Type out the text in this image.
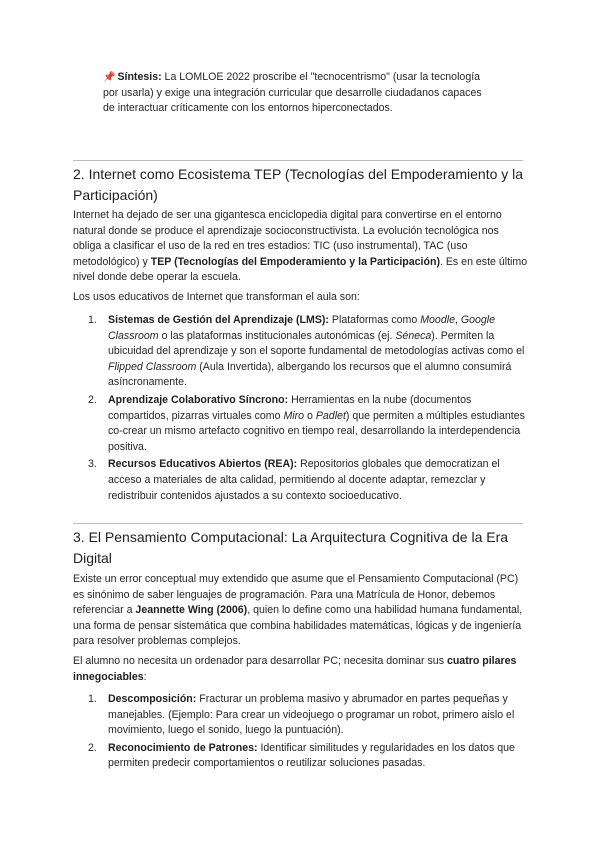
📌 Síntesis: La LOMLOE 2022 proscribe el "tecnocentrismo" (usar la tecnología por usarla) y exige una integración curricular que desarrolle ciudadanos capaces de interactuar críticamente con los entornos hiperconectados.

2. Internet como Ecosistema TEP (Tecnologías del Empoderamiento y la Participación)

Internet ha dejado de ser una gigantesca enciclopedia digital para convertirse en el entorno natural donde se produce el aprendizaje socioconstructivista. La evolución tecnológica nos obliga a clasificar el uso de la red en tres estadios: TIC (uso instrumental), TAC (uso metodológico) y TEP (Tecnologías del Empoderamiento y la Participación). Es en este último nivel donde debe operar la escuela.

Los usos educativos de Internet que transforman el aula son:

1. Sistemas de Gestión del Aprendizaje (LMS): Plataformas como Moodle, Google Classroom o las plataformas institucionales autonómicas (ej. Séneca). Permiten la ubicuidad del aprendizaje y son el soporte fundamental de metodologías activas como el Flipped Classroom (Aula Invertida), albergando los recursos que el alumno consumirá asíncronamente.
2. Aprendizaje Colaborativo Síncrono: Herramientas en la nube (documentos compartidos, pizarras virtuales como Miro o Padlet) que permiten a múltiples estudiantes co-crear un mismo artefacto cognitivo en tiempo real, desarrollando la interdependencia positiva.
3. Recursos Educativos Abiertos (REA): Repositorios globales que democratizan el acceso a materiales de alta calidad, permitiendo al docente adaptar, remezclar y redistribuir contenidos ajustados a su contexto socioeducativo.
3. El Pensamiento Computacional: La Arquitectura Cognitiva de la Era Digital

Existe un error conceptual muy extendido que asume que el Pensamiento Computacional (PC) es sinónimo de saber lenguajes de programación. Para una Matrícula de Honor, debemos referenciar a Jeannette Wing (2006), quien lo define como una habilidad humana fundamental, una forma de pensar sistemática que combina habilidades matemáticas, lógicas y de ingeniería para resolver problemas complejos.

El alumno no necesita un ordenador para desarrollar PC; necesita dominar sus cuatro pilares innegociables:

1. Descomposición: Fracturar un problema masivo y abrumador en partes pequeñas y manejables. (Ejemplo: Para crear un videojuego o programar un robot, primero aislo el movimiento, luego el sonido, luego la puntuación).
2. Reconocimiento de Patrones: Identificar similitudes y regularidades en los datos que permiten predecir comportamientos o reutilizar soluciones pasadas.
